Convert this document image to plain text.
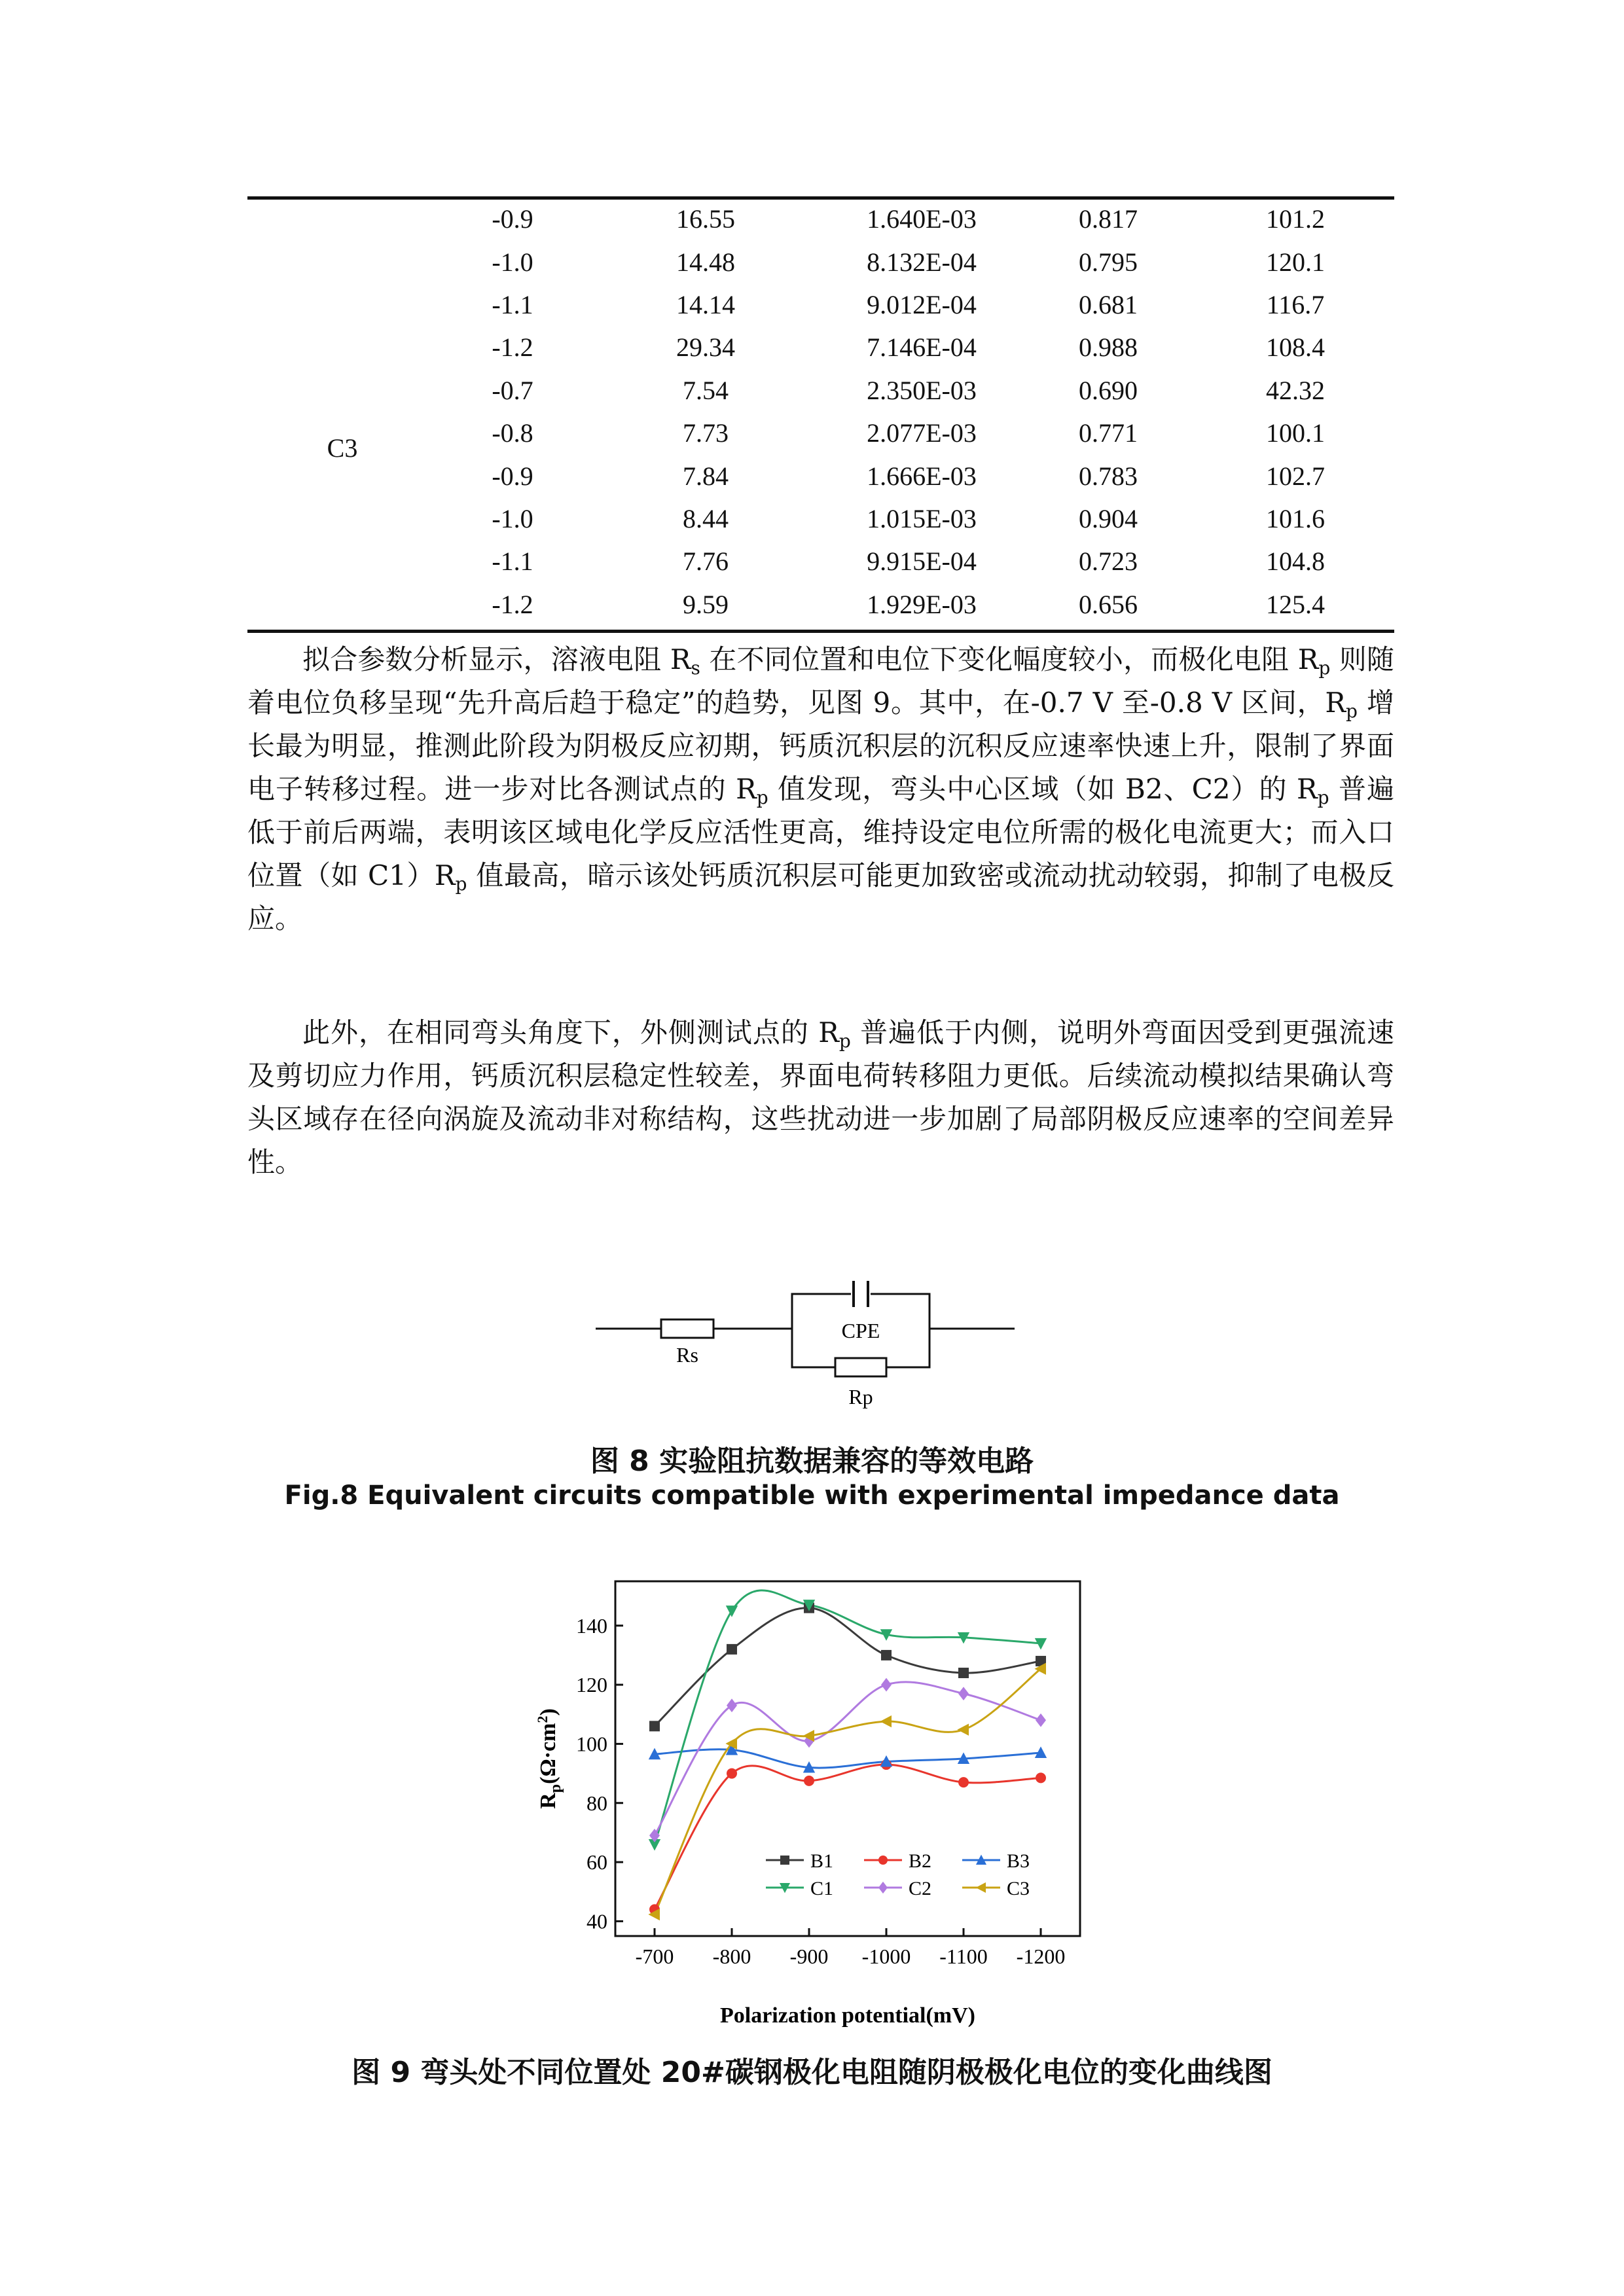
	-0.9	16.55	1.640E-03	0.817	101.2
	-1.0	14.48	8.132E-04	0.795	120.1
	-1.1	14.14	9.012E-04	0.681	116.7
	-1.2	29.34	7.146E-04	0.988	108.4
	-0.7	7.54	2.350E-03	0.690	42.32
	-0.8	7.73	2.077E-03	0.771	100.1
C3	-0.9	7.84	1.666E-03	0.783	102.7
	-1.0	8.44	1.015E-03	0.904	101.6
	-1.1	7.76	9.915E-04	0.723	104.8
	-1.2	9.59	1.929E-03	0.656	125.4
拟合参数分析显示，溶液电阻 $R_s$ 在不同位置和电位下变化幅度较小，而极化电阻 $R_p$ 则随着电位负移呈现“先升高后趋于稳定”的趋势，见图 9。其中，在-0.7 V 至-0.8 V 区间，$R_p$ 增长最为明显，推测此阶段为阴极反应初期，钙质沉积层的沉积反应速率快速上升，限制了界面电子转移过程。进一步对比各测试点的 $R_p$ 值发现，弯头中心区域（如 B2、C2）的 $R_p$ 普遍低于前后两端，表明该区域电化学反应活性更高，维持设定电位所需的极化电流更大；而入口位置（如 $C1)R_p$ 值最高，暗示该处钙质沉积层可能更加致密或流动扰动较弱，抑制了电极反应。
此外，在相同弯头角度下，外侧测试点的 $R_p$ 普遍低于内侧，说明外弯面因受到更强流速及剪切应力作用，钙质沉积层稳定性较差，界面电荷转移阻力更低。后续流动模拟结果确认弯头区域存在径向涡旋及流动非对称结构，这些扰动进一步加剧了局部阴极反应速率的空间差异性。
Rs
CPE
Rp
图 8 实验阻抗数据兼容的等效电路
Fig.8 Equivalent circuits compatible with experimental impedance data
40
60
80
100
120
140
-700 -800 -900 -1000 -1100 -1200
B1	B2	B3
C1	C2	C3
$R_p(\Omega\cdot cm^2)$
Polarization potential(mV)
图 9 弯头处不同位置处 20#碳钢极化电阻随阴极极化电位的变化曲线图
